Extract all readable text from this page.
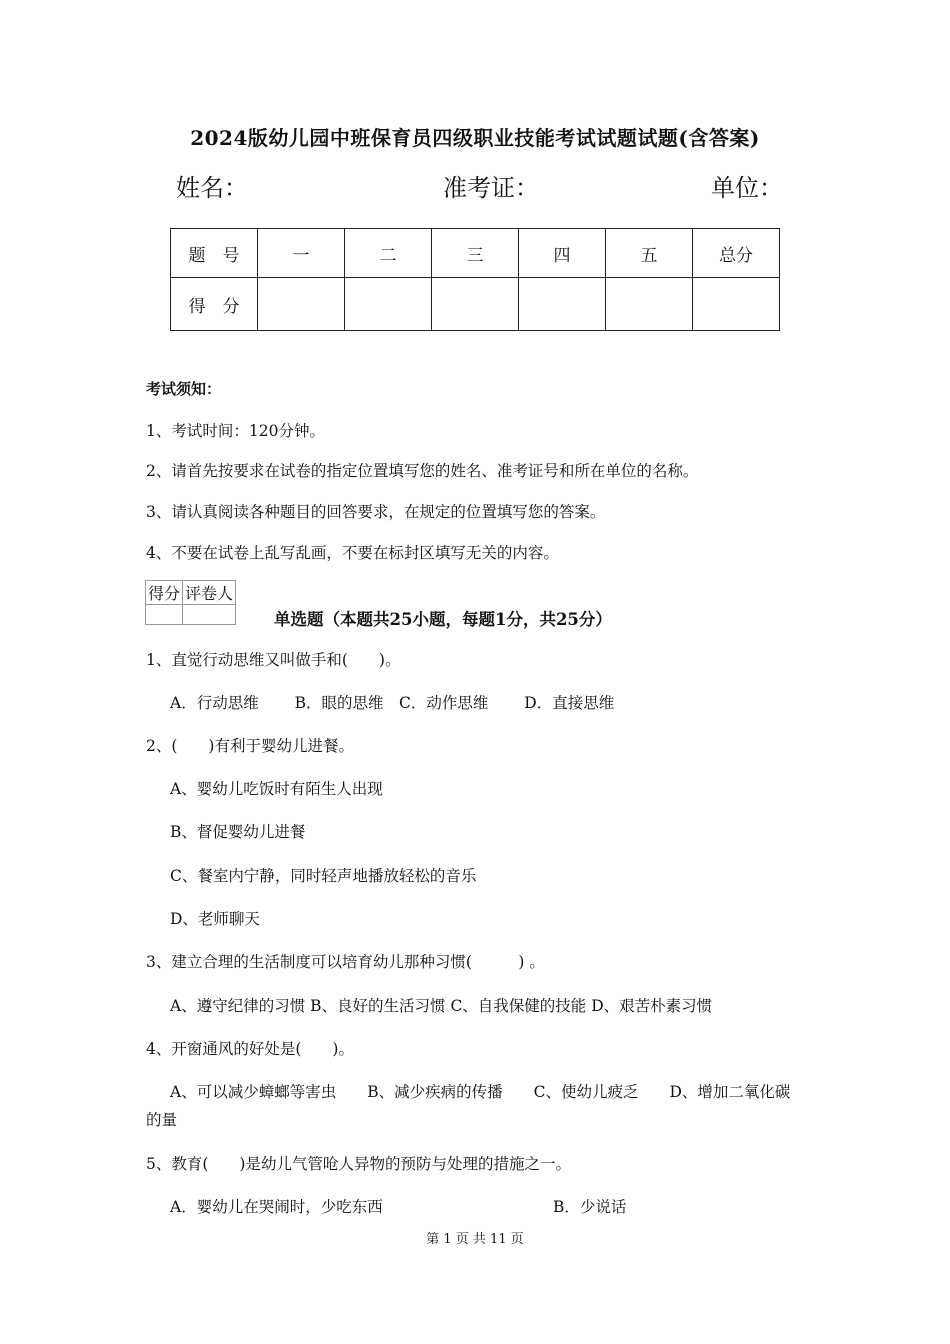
2024版幼儿园中班保育员四级职业技能考试试题试题(含答案)
姓名：	准考证：	单位：
题　号	一	二	三	四	五	总分
得　分						
考试须知：
1、考试时间：120分钟。
2、请首先按要求在试卷的指定位置填写您的姓名、准考证号和所在单位的名称。
3、请认真阅读各种题目的回答要求，在规定的位置填写您的答案。
4、不要在试卷上乱写乱画，不要在标封区填写无关的内容。
得分	评卷人

单选题（本题共25小题，每题1分，共25分）
1、直觉行动思维又叫做手和(　　)。
A．行动思维　　 B．眼的思维　C．动作思维　　 D．直接思维
2、(　　)有利于婴幼儿进餐。
A、婴幼儿吃饭时有陌生人出现
B、督促婴幼儿进餐
C、餐室内宁静，同时轻声地播放轻松的音乐
D、老师聊天
3、建立合理的生活制度可以培育幼儿那种习惯(　　　) 。
A、遵守纪律的习惯 B、良好的生活习惯 C、自我保健的技能 D、艰苦朴素习惯
4、开窗通风的好处是(　　)。
A、可以减少蟑螂等害虫　　B、减少疾病的传播　　C、使幼儿疲乏　　D、增加二氧化碳
的量
5、教育(　　)是幼儿气管呛人异物的预防与处理的措施之一。
A．婴幼儿在哭闹时，少吃东西	B．少说话
第 1 页 共 11 页
